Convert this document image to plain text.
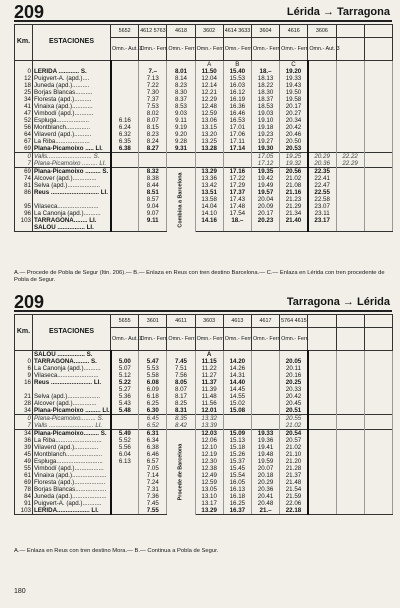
209	Lérida → Tarragona
Km.	ESTACIONES	5652	4612 5763	4618	3602	4614 3633	3604	4616	3606		
		Omn.- Aut. 3	Omn.- Ferr.	Omn.- Ferr.	Omn.- Ferr.	Omn.- Ferr.	Omn.- Ferr.	Omn.- Ferr.	Omn.- Aut. 3		
					A	B		C			
0	LERIDA ............ S.		7.–	8.01	11.50	15.40	18.–	19.20			
12	Puigvert-A. (apd.)....		7.13	8.14	12.04	15.53	18.13	19.33			
18	Juneda (apd.)..........		7.22	8.23	12.14	16.03	18.22	19.43			
25	Borjas Blancas..........		7.30	8.30	12.21	16.12	18.30	19.50			
34	Floresta (apd.)..........		7.37	8.37	12.29	16.19	18.37	19.58			
41	Vinaixa (apd.)............		7.53	8.53	12.48	16.36	18.53	20.17			
47	Vimbodí (apd.)...........		8.02	9.03	12.59	16.46	19.03	20.27			
52	Espluga...................	6.16	8.07	9.11	13.06	16.53	19.10	20.34			
56	Montblanch..............	6.24	8.15	9.19	13.15	17.01	19.18	20.42			
64	Vilaverd (apd.)..........	6.32	8.23	9.20	13.20	17.06	19.23	20.46			
67	La Riba....................	6.35	8.24	9.28	13.25	17.11	19.27	20.50			
69	Plana-Picamoixo ..... LI.	6.38	8.27	9.31	13.28	17.14	19.30	20.53			
0	Valls.......................... S.						17.05	19.25	20.29	22.22	
7	Plana-Picamoixo ......... LI.						17.12	19.32	20.36	22.29	
69	Plana-Picamoixo ......... S.		8.32	Combina a Barcelona	13.29	17.16	19.35	20.56	22.35		
74	Alcover (apd.)..............		8.38		13.36	17.22	19.42	21.02	22.41		
81	Selva (apd.)...................		8.44		13.42	17.29	19.49	21.08	22.47		
86	Reus ............................ LI.		8.51		13.51	17.37	19.57	21.16	22.55		
			8.57		13.58	17.43	20.04	21.23	22.58		
95	Vilaseca........................		9.04		14.04	17.48	20.09	21.29	23.07		
96	La Canonja (apd.)..........		9.07		14.10	17.54	20.17	21.34	23.11		
103	TARRAGONA........ LI.		9.11		14.16	18.–	20.23	21.40	23.17		
	SALOU ................ LI.										
A.— Procede de Pobla de Segur (Itin. 206).— B.— Enlaza en Reus con tren destino Barcelona.— C.— Enlaza en Lérida con tren procedente de Pobla de Segur.
209	Tarragona → Lérida
Km.	ESTACIONES	5655	3601	4611	3603	4613	4617	5764 4615			
		Omn.- Aut. 3	Omn.- Ferr.	Omn.- Ferr.	Omn.- Ferr.	Omn.- Ferr.	Omn.- Ferr.	Omn.- Ferr.			
	SALOU ................ S.				A						
0	TARRAGONA......... S.	5.00	5.47	7.45	11.15	14.20		20.05			
6	La Canonja (apd.)..........	5.07	5.53	7.51	11.22	14.26		20.11			
9	Vilaseca........................	5.12	5.58	7.56	11.27	14.31		20.16			
16	Reus ........................ LI.	5.22	6.08	8.05	11.37	14.40		20.25			
		5.27	6.09	8.07	11.39	14.45		20.33			
21	Selva (apd.)...................	5.36	6.18	8.17	11.48	14.55		20.42			
28	Alcover (apd.)..............	5.43	6.25	8.25	11.56	15.02		20.45			
34	Plana-Picamoixo ......... LI.	5.48	6.30	8.31	12.01	15.08		20.51			
0	Plana-Picamoixo......... S.		6.45	8.35	13.32			20.55			
7	Valls .......................... LI.		6.52	8.42	13.39			21.02			
34	Plana-Picamoixo......... S.	5.49	6.31	Procede de Barcelona	12.03	15.09	19.33	20.54			
36	La Riba...........................	5.52	6.34		12.06	15.13	19.36	20.57			
39	Vilaverd (apd.)..............	5.56	6.38		12.10	15.18	19.41	21.02			
45	Montblanch.....................	6.04	6.46		12.19	15.26	19.48	21.10			
49	Espluga...........................	6.13	6.57		12.30	15.37	19.59	21.20			
55	Vimbodí (apd.).................		7.05		12.38	15.45	20.07	21.28			
61	Vinaixa (apd.)....................		7.14		12.49	15.54	20.18	21.37			
69	Floresta (apd.)..................		7.24		12.59	16.05	20.29	21.48			
78	Borjas Blancas..................		7.31		13.05	16.13	20.36	21.54			
84	Juneda (apd.)....................		7.36		13.10	16.18	20.41	21.59			
91	Puigvert-A. (apd.)...........		7.45		13.17	16.25	20.48	22.06			
103	LERIDA................... LI.		7.55		13.29	16.37	21.–	22.18			
A.— Enlaza en Reus con tren destino Mora.— B.— Continua a Pobla de Segur.
180
